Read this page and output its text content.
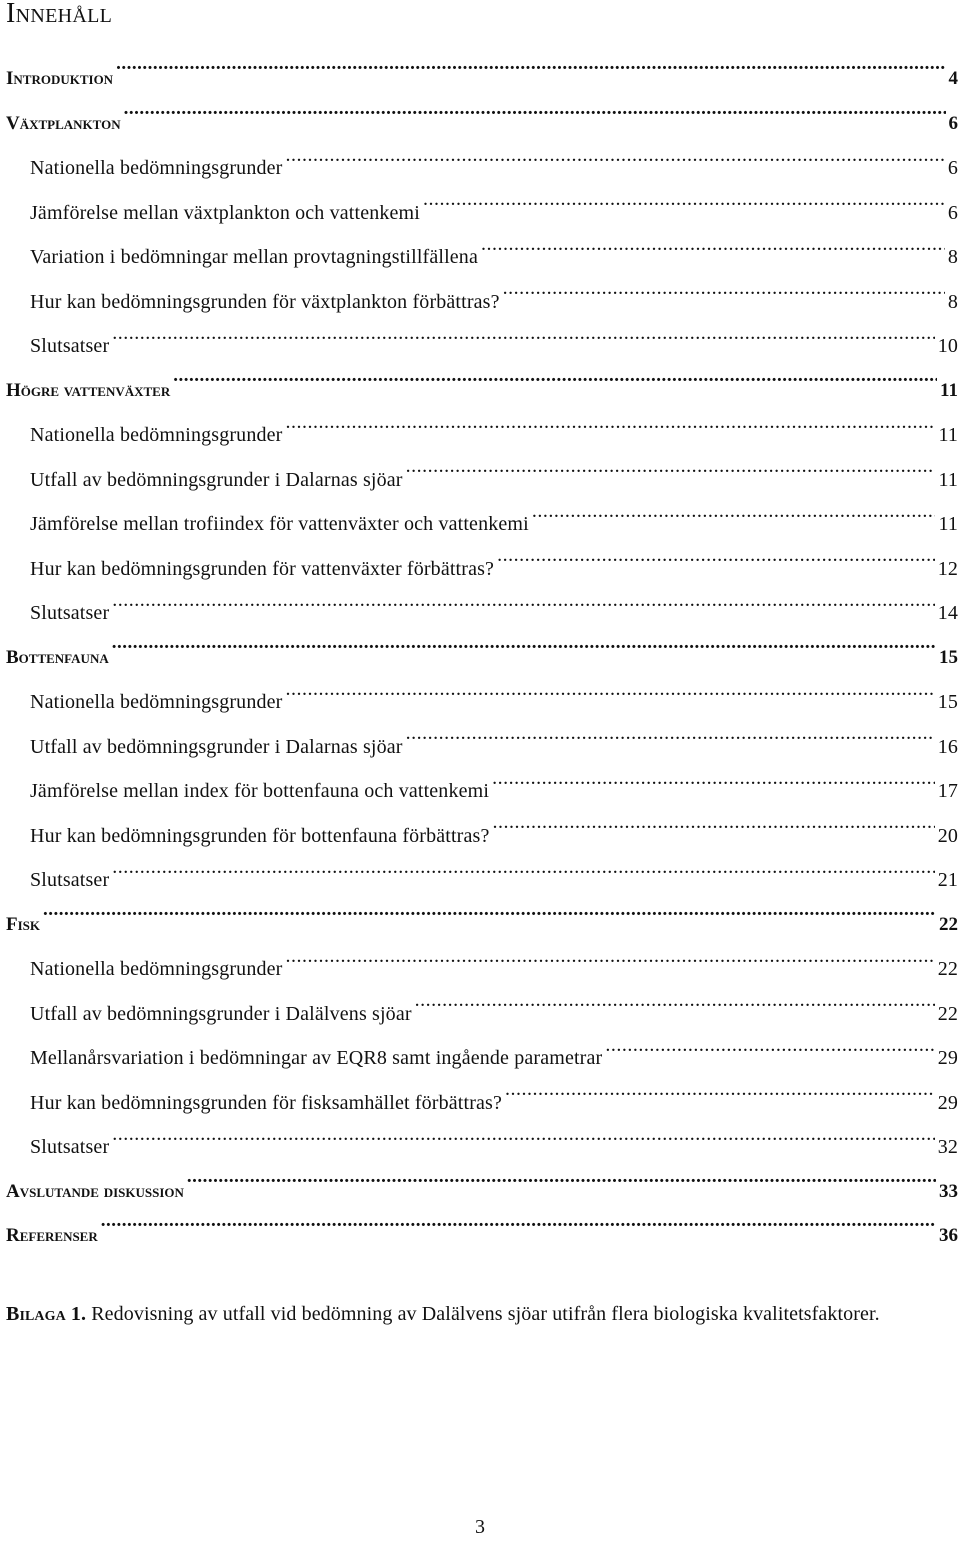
Innehåll
Introduktion .....	4
Växtplankton .....	6
Nationella bedömningsgrunder .....	6
Jämförelse mellan växtplankton och vattenkemi .....	6
Variation i bedömningar mellan provtagningstillfällena .....	8
Hur kan bedömningsgrunden för växtplankton förbättras? .....	8
Slutsatser .....	10
Högre vattenväxter .....	11
Nationella bedömningsgrunder .....	11
Utfall av bedömningsgrunder i Dalarnas sjöar .....	11
Jämförelse mellan trofiindex för vattenväxter och vattenkemi .....	11
Hur kan bedömningsgrunden för vattenväxter förbättras? .....	12
Slutsatser .....	14
Bottenfauna .....	15
Nationella bedömningsgrunder .....	15
Utfall av bedömningsgrunder i Dalarnas sjöar .....	16
Jämförelse mellan index för bottenfauna och vattenkemi .....	17
Hur kan bedömningsgrunden för bottenfauna förbättras? .....	20
Slutsatser .....	21
Fisk .....	22
Nationella bedömningsgrunder .....	22
Utfall av bedömningsgrunder i Dalälvens sjöar .....	22
Mellanårsvariation i bedömningar av EQR8 samt ingående parametrar .....	29
Hur kan bedömningsgrunden för fisksamhället förbättras? .....	29
Slutsatser .....	32
Avslutande diskussion .....	33
Referenser .....	36
Bilaga 1. Redovisning av utfall vid bedömning av Dalälvens sjöar utifrån flera biologiska kvalitetsfaktorer.
3
